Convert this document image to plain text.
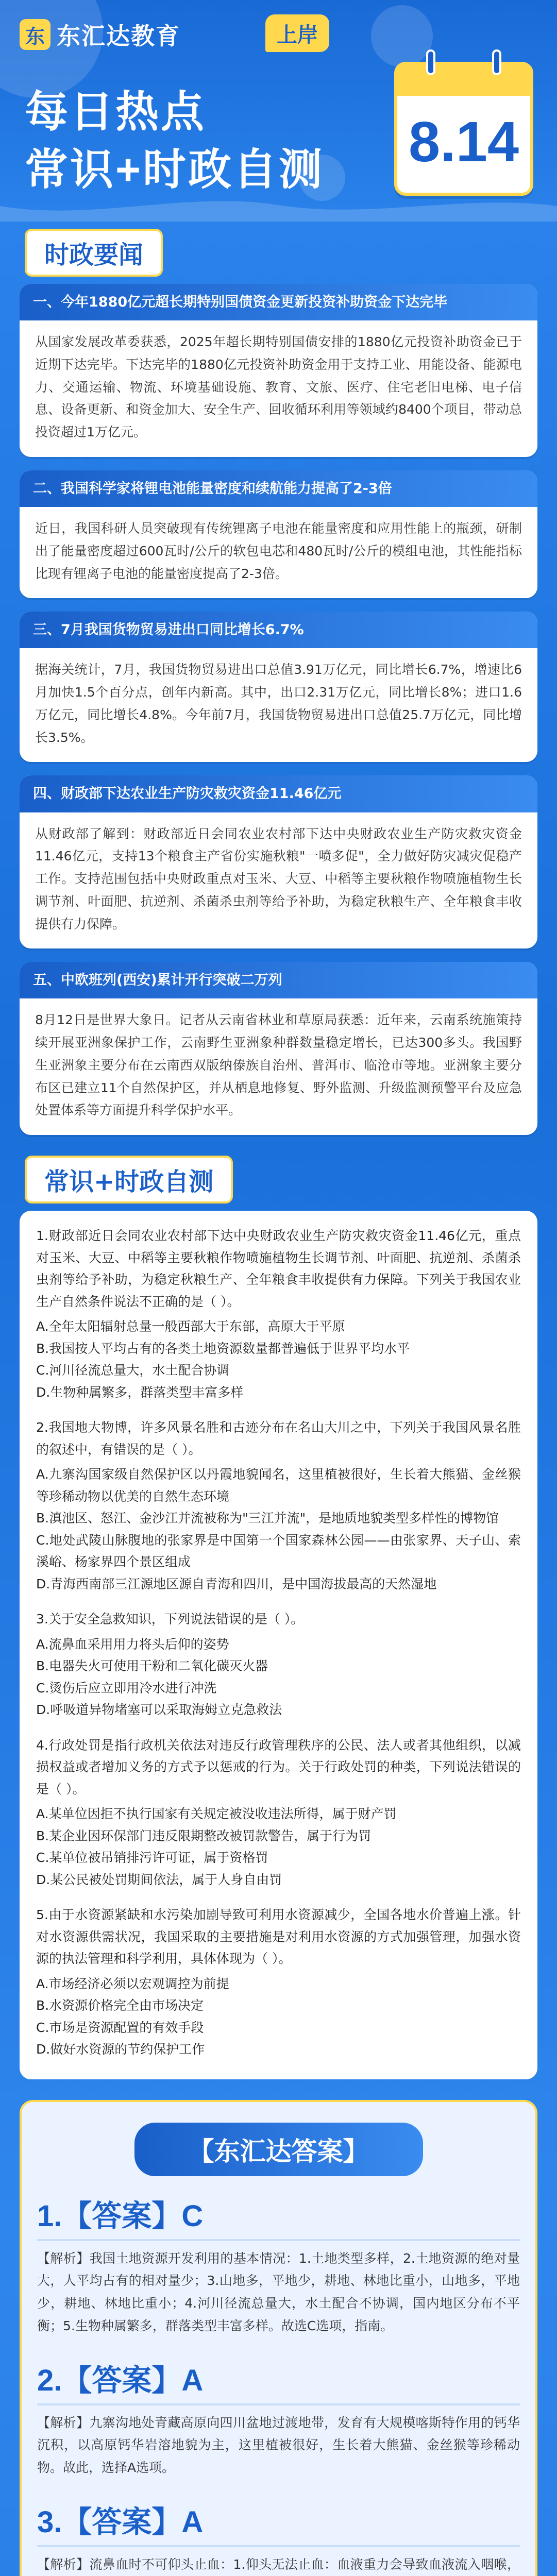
东 东汇达教育	上岸
每日热点
常识+时政自测 8.14
时政要闻
一、今年1880亿元超长期特别国债资金更新投资补助资金下达完毕
从国家发展改革委获悉，2025年超长期特别国债安排的1880亿元投资补助资金已于近期下达完毕。下达完毕的1880亿元投资补助资金用于支持工业、用能设备、能源电力、交通运输、物流、环境基础设施、教育、文旅、医疗、住宅老旧电梯、电子信息、设备更新、和资金加大、安全生产、回收循环利用等领域约8400个项目，带动总投资超过1万亿元。
二、我国科学家将锂电池能量密度和续航能力提高了2-3倍
近日，我国科研人员突破现有传统锂离子电池在能量密度和应用性能上的瓶颈，研制出了能量密度超过600瓦时/公斤的软包电芯和480瓦时/公斤的模组电池，其性能指标比现有锂离子电池的能量密度提高了2-3倍。
三、7月我国货物贸易进出口同比增长6.7%
据海关统计，7月，我国货物贸易进出口总值3.91万亿元，同比增长6.7%，增速比6月加快1.5个百分点，创年内新高。其中，出口2.31万亿元，同比增长8%；进口1.6万亿元，同比增长4.8%。今年前7月，我国货物贸易进出口总值25.7万亿元，同比增长3.5%。
四、财政部下达农业生产防灾救灾资金11.46亿元
从财政部了解到：财政部近日会同农业农村部下达中央财政农业生产防灾救灾资金11.46亿元，支持13个粮食主产省份实施秋粮"一喷多促"，全力做好防灾减灾促稳产工作。支持范围包括中央财政重点对玉米、大豆、中稻等主要秋粮作物喷施植物生长调节剂、叶面肥、抗逆剂、杀菌杀虫剂等给予补助，为稳定秋粮生产、全年粮食丰收提供有力保障。
五、中欧班列(西安)累计开行突破二万列
8月12日是世界大象日。记者从云南省林业和草原局获悉：近年来，云南系统施策持续开展亚洲象保护工作，云南野生亚洲象种群数量稳定增长，已达300多头。我国野生亚洲象主要分布在云南西双版纳傣族自治州、普洱市、临沧市等地。亚洲象主要分布区已建立11个自然保护区，并从栖息地修复、野外监测、升级监测预警平台及应急处置体系等方面提升科学保护水平。
常识+时政自测
1.财政部近日会同农业农村部下达中央财政农业生产防灾救灾资金11.46亿元，重点对玉米、大豆、中稻等主要秋粮作物喷施植物生长调节剂、叶面肥、抗逆剂、杀菌杀虫剂等给予补助，为稳定秋粮生产、全年粮食丰收提供有力保障。下列关于我国农业生产自然条件说法不正确的是（ ）。
A.全年太阳辐射总量一般西部大于东部，高原大于平原
B.我国按人平均占有的各类土地资源数量都普遍低于世界平均水平
C.河川径流总量大，水土配合协调
D.生物种属繁多，群落类型丰富多样
2.我国地大物博，许多风景名胜和古迹分布在名山大川之中，下列关于我国风景名胜的叙述中，有错误的是（ ）。
A.九寨沟国家级自然保护区以丹霞地貌闻名，这里植被很好，生长着大熊猫、金丝猴等珍稀动物以优美的自然生态环境
B.滇池区、怒江、金沙江并流被称为"三江并流"，是地质地貌类型多样性的博物馆
C.地处武陵山脉腹地的张家界是中国第一个国家森林公园——由张家界、天子山、索溪峪、杨家界四个景区组成
D.青海西南部三江源地区源自青海和四川，是中国海拔最高的天然湿地
3.关于安全急救知识，下列说法错误的是（ ）。
A.流鼻血采用用力将头后仰的姿势
B.电器失火可使用干粉和二氧化碳灭火器
C.烫伤后应立即用冷水进行冲洗
D.呼吸道异物堵塞可以采取海姆立克急救法
4.行政处罚是指行政机关依法对违反行政管理秩序的公民、法人或者其他组织，以减损权益或者增加义务的方式予以惩戒的行为。关于行政处罚的种类，下列说法错误的是（ ）。
A.某单位因拒不执行国家有关规定被没收违法所得，属于财产罚
B.某企业因环保部门违反限期整改被罚款警告，属于行为罚
C.某单位被吊销排污许可证，属于资格罚
D.某公民被处罚期间依法，属于人身自由罚
5.由于水资源紧缺和水污染加剧导致可利用水资源减少，全国各地水价普遍上涨。针对水资源供需状况，我国采取的主要措施是对利用水资源的方式加强管理，加强水资源的执法管理和科学利用，具体体现为（ ）。
A.市场经济必须以宏观调控为前提
B.水资源价格完全由市场决定
C.市场是资源配置的有效手段
D.做好水资源的节约保护工作
【东汇达答案】
1.【答案】C
【解析】我国土地资源开发利用的基本情况：1.土地类型多样，2.土地资源的绝对量大，人平均占有的相对量少；3.山地多，平地少，耕地、林地比重小，山地多，平地少，耕地、林地比重小；4.河川径流总量大，水土配合不协调，国内地区分布不平衡；5.生物种属繁多，群落类型丰富多样。故选C选项，指南。
2.【答案】A
【解析】九寨沟地处青藏高原向四川盆地过渡地带，发育有大规模喀斯特作用的钙华沉积，以高原钙华岩溶地貌为主，这里植被很好，生长着大熊猫、金丝猴等珍稀动物。故此，选择A选项。
3.【答案】A
【解析】流鼻血时不可仰头止血：1.仰头无法止血：血液重力会导致血液流入咽喉，
